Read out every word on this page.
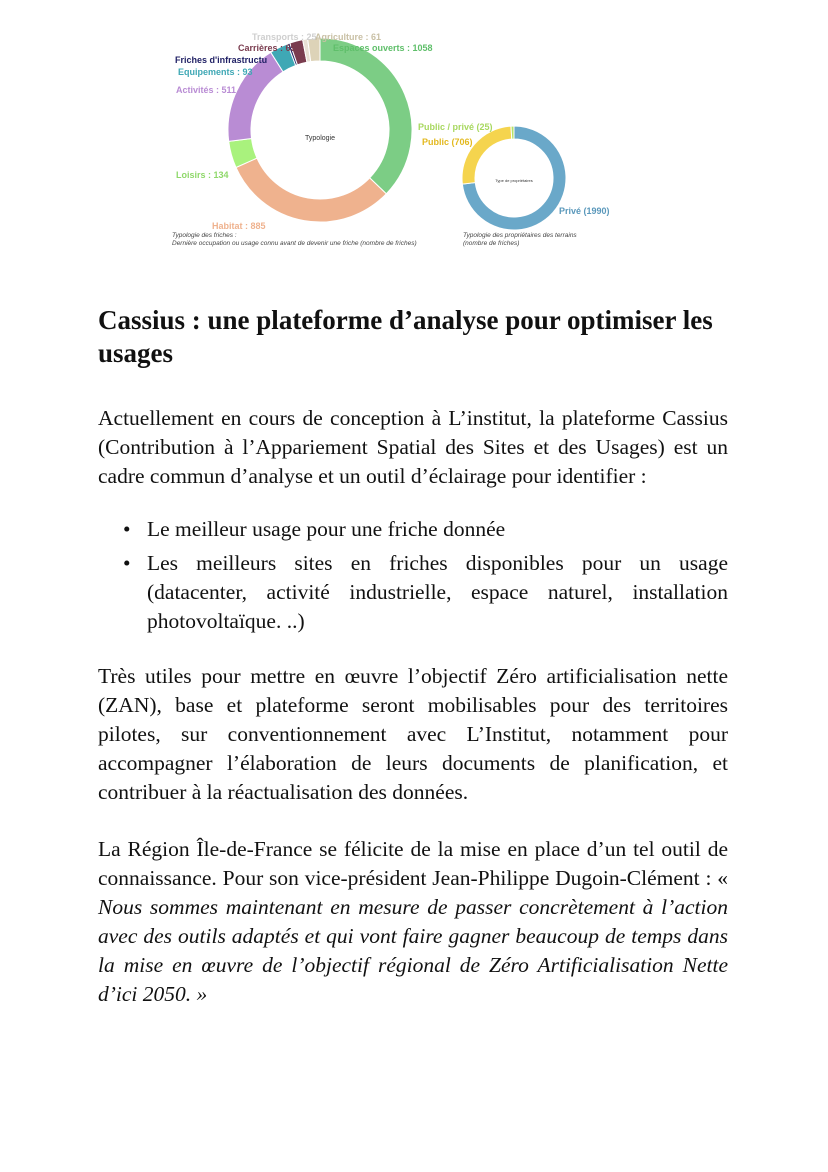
Typologie
Transports : 25
Agriculture : 61
Carrières : 65	Espaces ouverts : 1058
Friches d'infrastructu
Equipements : 93
Activités : 511
Loisirs : 134
Habitat : 885
Typologie des friches :
Dernière occupation ou usage connu avant de devenir une friche (nombre de friches)
Type de propriétaires
Public / privé (25)
Public (706)
Privé (1990)
Typologie des propriétaires des terrains
(nombre de friches)
Cassius : une plateforme d’analyse pour optimiser les usages

Actuellement en cours de conception à L’institut, la plateforme Cassius (Contribution à l’Appariement Spatial des Sites et des Usages) est un cadre commun d’analyse et un outil d’éclairage pour identifier :

• Le meilleur usage pour une friche donnée
• Les meilleurs sites en friches disponibles pour un usage (datacenter, activité industrielle, espace naturel, installation photovoltaïque. ..)

Très utiles pour mettre en œuvre l’objectif Zéro artificialisation nette (ZAN), base et plateforme seront mobilisables pour des territoires pilotes, sur conventionnement avec L’Institut, notamment pour accompagner l’élaboration de leurs documents de planification, et contribuer à la réactualisation des données.

La Région Île-de-France se félicite de la mise en place d’un tel outil de connaissance. Pour son vice-président Jean-Philippe Dugoin-Clément : « Nous sommes maintenant en mesure de passer concrètement à l’action avec des outils adaptés et qui vont faire gagner beaucoup de temps dans la mise en œuvre de l’objectif régional de Zéro Artificialisation Nette d’ici 2050. »
